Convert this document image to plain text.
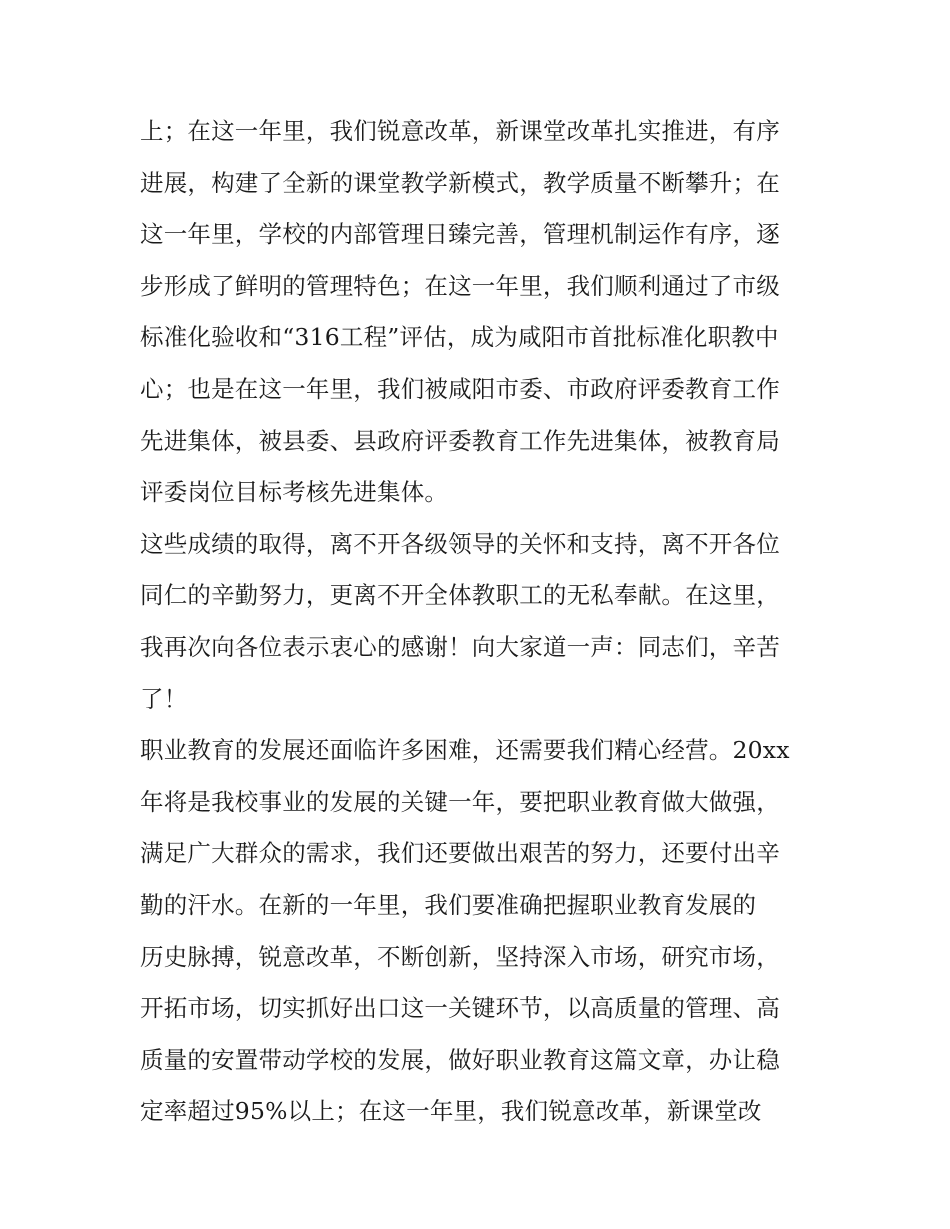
上；在这一年里，我们锐意改革，新课堂改革扎实推进，有序
进展，构建了全新的课堂教学新模式，教学质量不断攀升；在
这一年里，学校的内部管理日臻完善，管理机制运作有序，逐
步形成了鲜明的管理特色；在这一年里，我们顺利通过了市级
标准化验收和“316工程”评估，成为咸阳市首批标准化职教中
心；也是在这一年里，我们被咸阳市委、市政府评委教育工作
先进集体，被县委、县政府评委教育工作先进集体，被教育局
评委岗位目标考核先进集体。
这些成绩的取得，离不开各级领导的关怀和支持，离不开各位
同仁的辛勤努力，更离不开全体教职工的无私奉献。在这里，
我再次向各位表示衷心的感谢！向大家道一声：同志们，辛苦
了！
职业教育的发展还面临许多困难，还需要我们精心经营。20xx
年将是我校事业的发展的关键一年，要把职业教育做大做强，
满足广大群众的需求，我们还要做出艰苦的努力，还要付出辛
勤的汗水。在新的一年里，我们要准确把握职业教育发展的
历史脉搏，锐意改革，不断创新，坚持深入市场，研究市场，
开拓市场，切实抓好出口这一关键环节，以高质量的管理、高
质量的安置带动学校的发展，做好职业教育这篇文章，办让稳
定率超过95%以上；在这一年里，我们锐意改革，新课堂改
